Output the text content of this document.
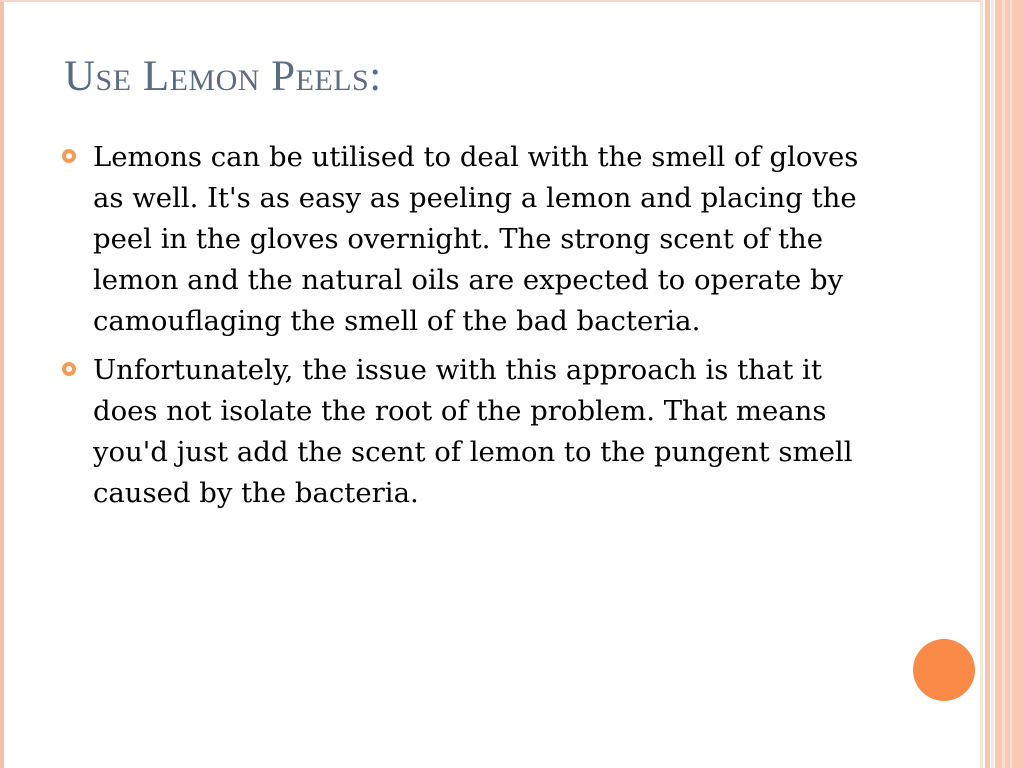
Use Lemon Peels:
Lemons can be utilised to deal with the smell of gloves as well. It's as easy as peeling a lemon and placing the peel in the gloves overnight. The strong scent of the lemon and the natural oils are expected to operate by camouflaging the smell of the bad bacteria.
Unfortunately, the issue with this approach is that it does not isolate the root of the problem. That means you'd just add the scent of lemon to the pungent smell caused by the bacteria.
